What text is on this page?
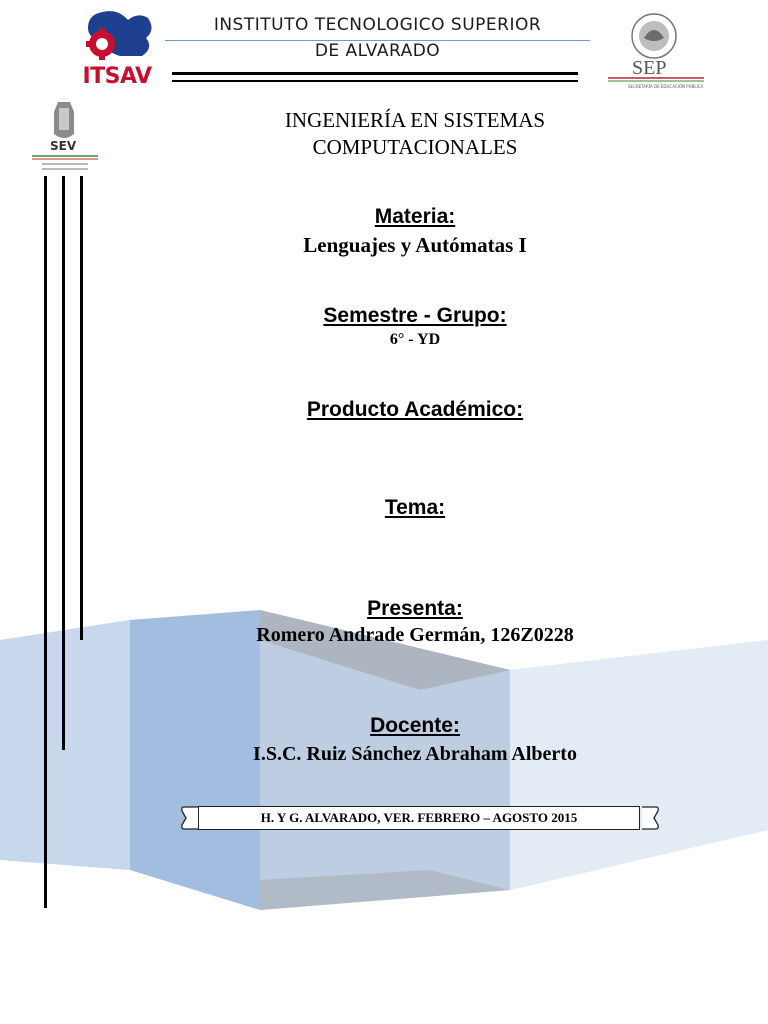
ITSAV
INSTITUTO TECNOLOGICO SUPERIOR
DE ALVARADO
SEP
SECRETARÍA DE EDUCACIÓN PÚBLICA
SEV
INGENIERÍA EN SISTEMAS
COMPUTACIONALES
Materia:
Lenguajes y Autómatas I
Semestre - Grupo:
6° - YD
Producto Académico:
Tema:
Presenta:
Romero Andrade Germán, 126Z0228
Docente:
I.S.C. Ruiz Sánchez Abraham Alberto
H. Y G. ALVARADO, VER. FEBRERO – AGOSTO 2015
